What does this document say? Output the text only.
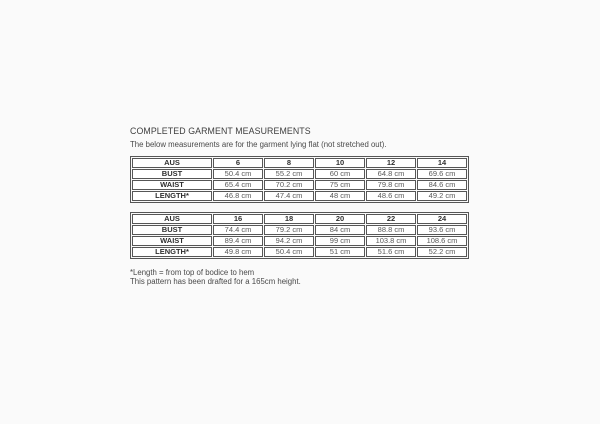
COMPLETED GARMENT MEASUREMENTS
The below measurements are for the garment lying flat (not stretched out).
AUS	6	8	10	12	14
BUST	50.4 cm	55.2 cm	60 cm	64.8 cm	69.6 cm
WAIST	65.4 cm	70.2 cm	75 cm	79.8 cm	84.6 cm
LENGTH*	46.8 cm	47.4 cm	48 cm	48.6 cm	49.2 cm
AUS	16	18	20	22	24
BUST	74.4 cm	79.2 cm	84 cm	88.8 cm	93.6 cm
WAIST	89.4 cm	94.2 cm	99 cm	103.8 cm	108.6 cm
LENGTH*	49.8 cm	50.4 cm	51 cm	51.6 cm	52.2 cm
*Length = from top of bodice to hem
This pattern has been drafted for a 165cm height.
